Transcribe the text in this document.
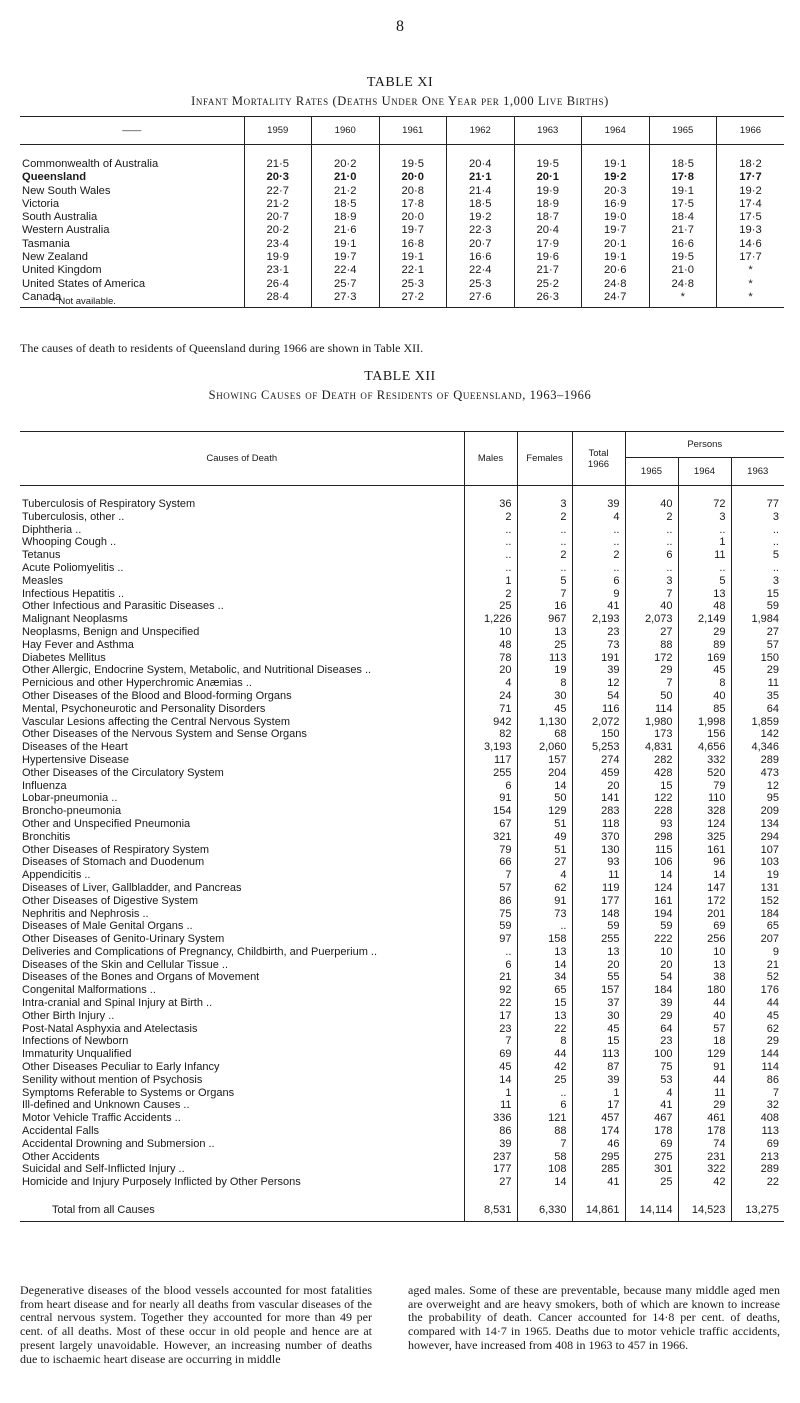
8
TABLE XI
Infant Mortality Rates (Deaths Under One Year per 1,000 Live Births)
——	1959	1960	1961	1962	1963	1964	1965	1966

Commonwealth of Australia	21·5	20·2	19·5	20·4	19·5	19·1	18·5	18·2
Queensland	20·3	21·0	20·0	21·1	20·1	19·2	17·8	17·7
New South Wales	22·7	21·2	20·8	21·4	19·9	20·3	19·1	19·2
Victoria	21·2	18·5	17·8	18·5	18·9	16·9	17·5	17·4
South Australia	20·7	18·9	20·0	19·2	18·7	19·0	18·4	17·5
Western Australia	20·2	21·6	19·7	22·3	20·4	19·7	21·7	19·3
Tasmania	23·4	19·1	16·8	20·7	17·9	20·1	16·6	14·6
New Zealand	19·9	19·7	19·1	16·6	19·6	19·1	19·5	17·7
United Kingdom	23·1	22·4	22·1	22·4	21·7	20·6	21·0	*
United States of America	26·4	25·7	25·3	25·3	25·2	24·8	24·8	*
Canada	28·4	27·3	27·2	27·6	26·3	24·7	*	*
* Not available.
The causes of death to residents of Queensland during 1966 are shown in Table XII.
TABLE XII
Showing Causes of Death of Residents of Queensland, 1963–1966
Causes of Death	Males	Females	Total
1966	Persons		
				1965	1964	1963

Tuberculosis of Respiratory System	36	3	39	40	72	77
Tuberculosis, other ..	2	2	4	2	3	3
Diphtheria ..	..	..	..	..	..	..
Whooping Cough ..	..	..	..	..	1	..
Tetanus	..	2	2	6	11	5
Acute Poliomyelitis ..	..	..	..	..	..	..
Measles	1	5	6	3	5	3
Infectious Hepatitis ..	2	7	9	7	13	15
Other Infectious and Parasitic Diseases ..	25	16	41	40	48	59
Malignant Neoplasms	1,226	967	2,193	2,073	2,149	1,984
Neoplasms, Benign and Unspecified	10	13	23	27	29	27
Hay Fever and Asthma	48	25	73	88	89	57
Diabetes Mellitus	78	113	191	172	169	150
Other Allergic, Endocrine System, Metabolic, and Nutritional Diseases ..	20	19	39	29	45	29
Pernicious and other Hyperchromic Anæmias ..	4	8	12	7	8	11
Other Diseases of the Blood and Blood-forming Organs	24	30	54	50	40	35
Mental, Psychoneurotic and Personality Disorders	71	45	116	114	85	64
Vascular Lesions affecting the Central Nervous System	942	1,130	2,072	1,980	1,998	1,859
Other Diseases of the Nervous System and Sense Organs	82	68	150	173	156	142
Diseases of the Heart	3,193	2,060	5,253	4,831	4,656	4,346
Hypertensive Disease	117	157	274	282	332	289
Other Diseases of the Circulatory System	255	204	459	428	520	473
Influenza	6	14	20	15	79	12
Lobar-pneumonia ..	91	50	141	122	110	95
Broncho-pneumonia	154	129	283	228	328	209
Other and Unspecified Pneumonia	67	51	118	93	124	134
Bronchitis	321	49	370	298	325	294
Other Diseases of Respiratory System	79	51	130	115	161	107
Diseases of Stomach and Duodenum	66	27	93	106	96	103
Appendicitis ..	7	4	11	14	14	19
Diseases of Liver, Gallbladder, and Pancreas	57	62	119	124	147	131
Other Diseases of Digestive System	86	91	177	161	172	152
Nephritis and Nephrosis ..	75	73	148	194	201	184
Diseases of Male Genital Organs ..	59	..	59	59	69	65
Other Diseases of Genito-Urinary System	97	158	255	222	256	207
Deliveries and Complications of Pregnancy, Childbirth, and Puerperium ..	..	13	13	10	10	9
Diseases of the Skin and Cellular Tissue ..	6	14	20	20	13	21
Diseases of the Bones and Organs of Movement	21	34	55	54	38	52
Congenital Malformations ..	92	65	157	184	180	176
Intra-cranial and Spinal Injury at Birth ..	22	15	37	39	44	44
Other Birth Injury ..	17	13	30	29	40	45
Post-Natal Asphyxia and Atelectasis	23	22	45	64	57	62
Infections of Newborn	7	8	15	23	18	29
Immaturity Unqualified	69	44	113	100	129	144
Other Diseases Peculiar to Early Infancy	45	42	87	75	91	114
Senility without mention of Psychosis	14	25	39	53	44	86
Symptoms Referable to Systems or Organs	1	..	1	4	11	7
Ill-defined and Unknown Causes ..	11	6	17	41	29	32
Motor Vehicle Traffic Accidents ..	336	121	457	467	461	408
Accidental Falls	86	88	174	178	178	113
Accidental Drowning and Submersion ..	39	7	46	69	74	69
Other Accidents	237	58	295	275	231	213
Suicidal and Self-Inflicted Injury ..	177	108	285	301	322	289
Homicide and Injury Purposely Inflicted by Other Persons	27	14	41	25	42	22

Total from all Causes	8,531	6,330	14,861	14,114	14,523	13,275
Degenerative diseases of the blood vessels accounted for most fatalities from heart disease and for nearly all deaths from vascular diseases of the central nervous system. Together they accounted for more than 49 per cent. of all deaths. Most of these occur in old people and hence are at present largely unavoidable. However, an increasing number of deaths due to ischaemic heart disease are occurring in middle
aged males. Some of these are preventable, because many middle aged men are overweight and are heavy smokers, both of which are known to increase the probability of death. Cancer accounted for 14·8 per cent. of deaths, compared with 14·7 in 1965. Deaths due to motor vehicle traffic accidents, however, have increased from 408 in 1963 to 457 in 1966.
